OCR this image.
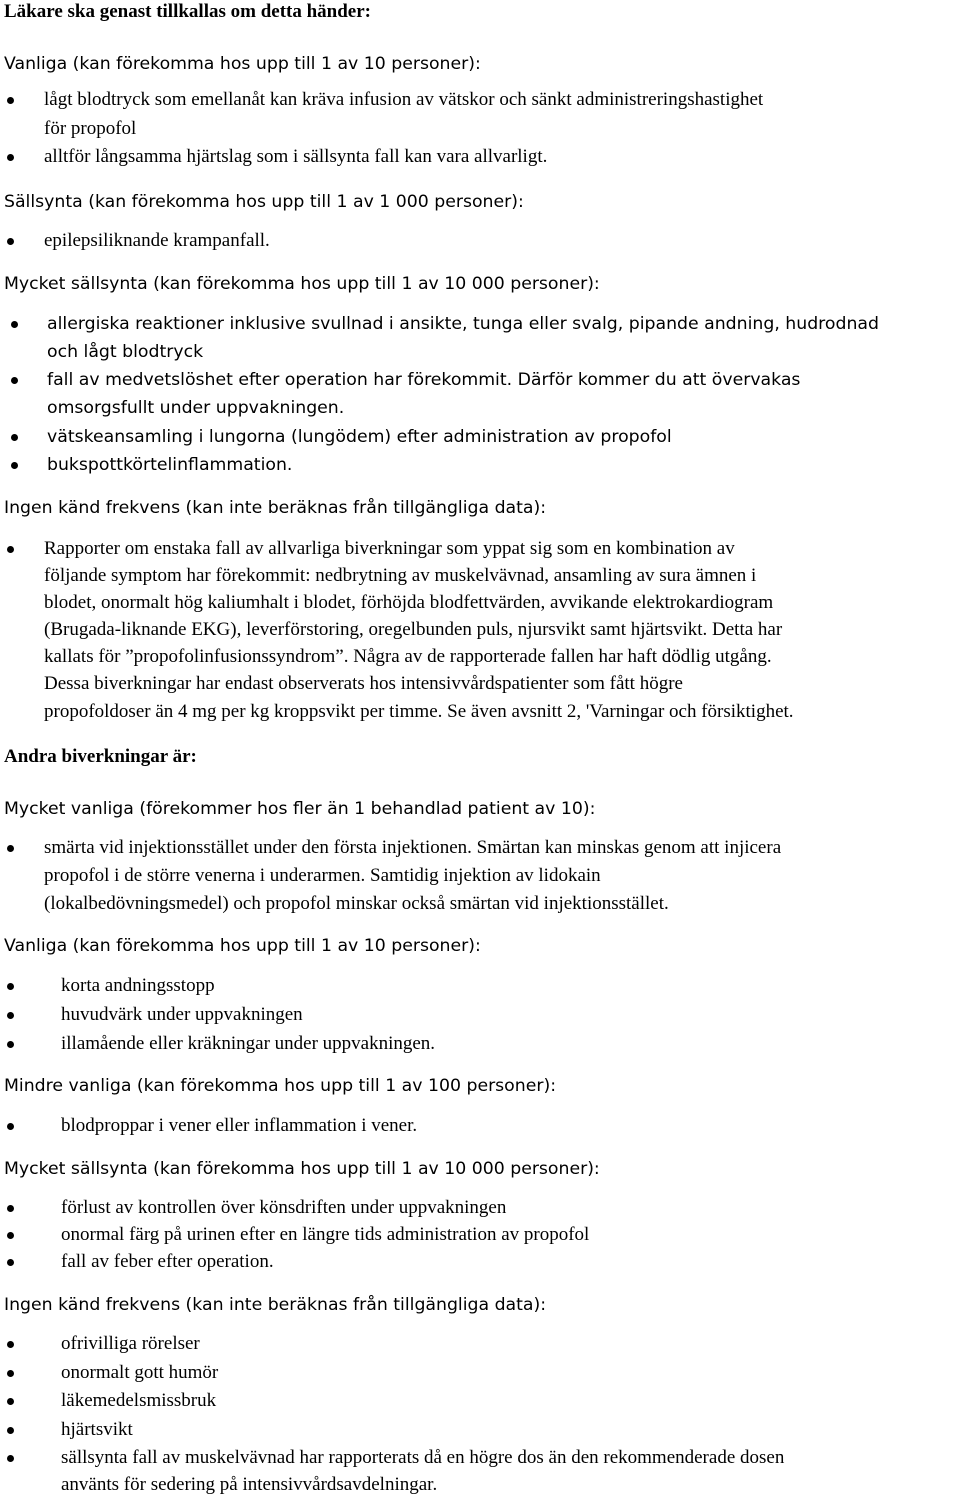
Läkare ska genast tillkallas om detta händer:
Vanliga (kan förekomma hos upp till 1 av 10 personer):
lågt blodtryck som emellanåt kan kräva infusion av vätskor och sänkt administreringshastighet
för propofol
alltför långsamma hjärtslag som i sällsynta fall kan vara allvarligt.
Sällsynta (kan förekomma hos upp till 1 av 1 000 personer):
epilepsiliknande krampanfall.
Mycket sällsynta (kan förekomma hos upp till 1 av 10 000 personer):
allergiska reaktioner inklusive svullnad i ansikte, tunga eller svalg, pipande andning, hudrodnad
och lågt blodtryck
fall av medvetslöshet efter operation har förekommit. Därför kommer du att övervakas
omsorgsfullt under uppvakningen.
vätskeansamling i lungorna (lungödem) efter administration av propofol
bukspottkörtelinflammation.
Ingen känd frekvens (kan inte beräknas från tillgängliga data):
Rapporter om enstaka fall av allvarliga biverkningar som yppat sig som en kombination av
följande symptom har förekommit: nedbrytning av muskelvävnad, ansamling av sura ämnen i
blodet, onormalt hög kaliumhalt i blodet, förhöjda blodfettvärden, avvikande elektrokardiogram
(Brugada-liknande EKG), leverförstoring, oregelbunden puls, njursvikt samt hjärtsvikt. Detta har
kallats för ”propofolinfusionssyndrom”. Några av de rapporterade fallen har haft dödlig utgång.
Dessa biverkningar har endast observerats hos intensivvårdspatienter som fått högre
propofoldoser än 4 mg per kg kroppsvikt per timme. Se även avsnitt 2, 'Varningar och försiktighet.
Andra biverkningar är:
Mycket vanliga (förekommer hos fler än 1 behandlad patient av 10):
smärta vid injektionsstället under den första injektionen. Smärtan kan minskas genom att injicera
propofol i de större venerna i underarmen. Samtidig injektion av lidokain
(lokalbedövningsmedel) och propofol minskar också smärtan vid injektionsstället.
Vanliga (kan förekomma hos upp till 1 av 10 personer):
korta andningsstopp
huvudvärk under uppvakningen
illamående eller kräkningar under uppvakningen.
Mindre vanliga (kan förekomma hos upp till 1 av 100 personer):
blodproppar i vener eller inflammation i vener.
Mycket sällsynta (kan förekomma hos upp till 1 av 10 000 personer):
förlust av kontrollen över könsdriften under uppvakningen
onormal färg på urinen efter en längre tids administration av propofol
fall av feber efter operation.
Ingen känd frekvens (kan inte beräknas från tillgängliga data):
ofrivilliga rörelser
onormalt gott humör
läkemedelsmissbruk
hjärtsvikt
sällsynta fall av muskelvävnad har rapporterats då en högre dos än den rekommenderade dosen
använts för sedering på intensivvårdsavdelningar.
